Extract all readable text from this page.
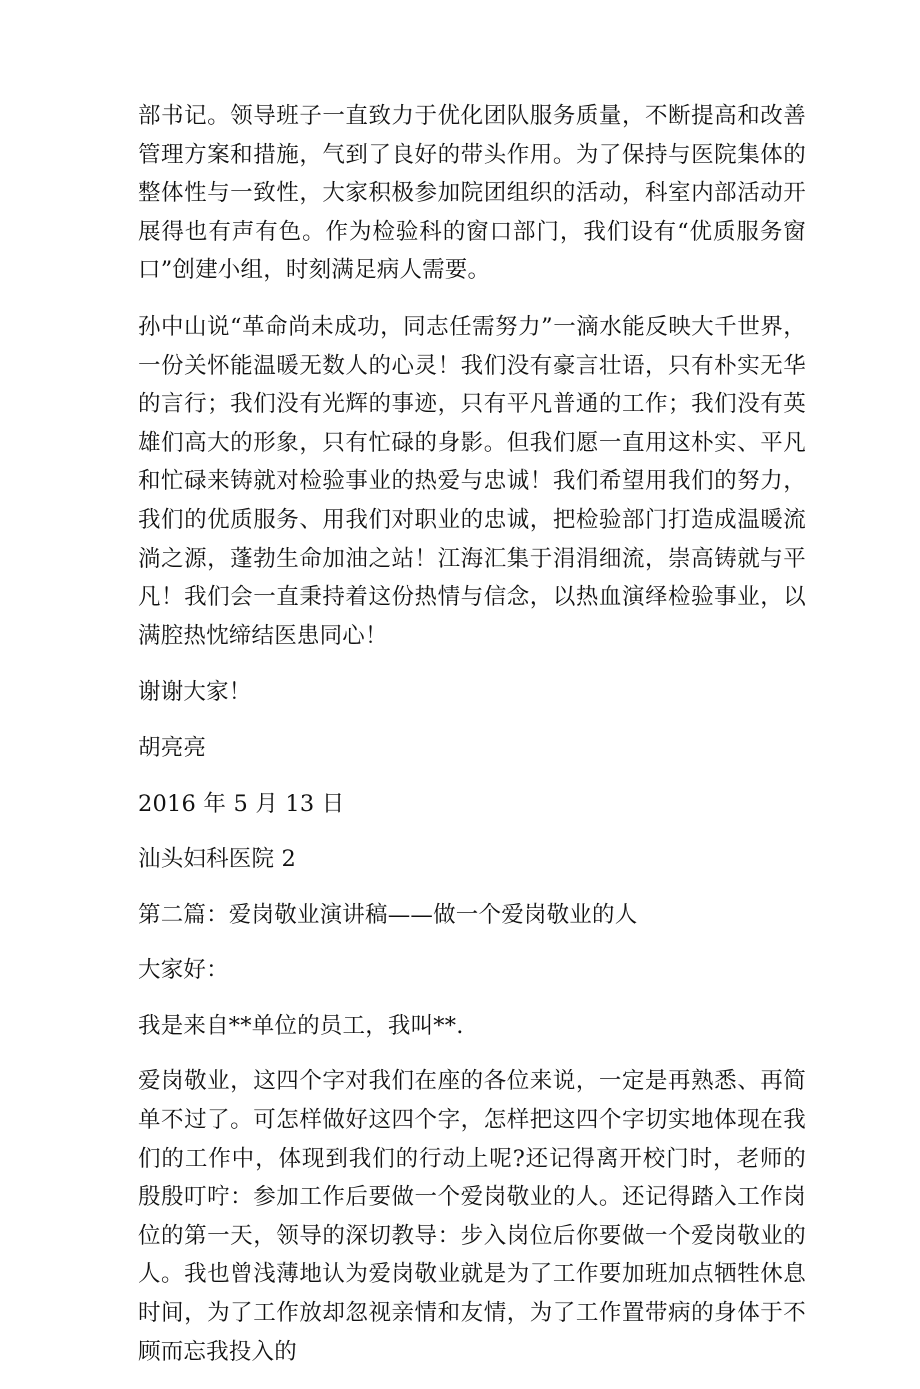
部书记。领导班子一直致力于优化团队服务质量，不断提高和改善管理方案和措施，气到了良好的带头作用。为了保持与医院集体的整体性与一致性，大家积极参加院团组织的活动，科室内部活动开展得也有声有色。作为检验科的窗口部门，我们设有“优质服务窗口”创建小组，时刻满足病人需要。

孙中山说“革命尚未成功，同志任需努力”一滴水能反映大千世界，一份关怀能温暖无数人的心灵！我们没有豪言壮语，只有朴实无华的言行；我们没有光辉的事迹，只有平凡普通的工作；我们没有英雄们高大的形象，只有忙碌的身影。但我们愿一直用这朴实、平凡和忙碌来铸就对检验事业的热爱与忠诚！我们希望用我们的努力，我们的优质服务、用我们对职业的忠诚，把检验部门打造成温暖流淌之源，蓬勃生命加油之站！江海汇集于涓涓细流，崇高铸就与平凡！我们会一直秉持着这份热情与信念，以热血演绎检验事业，以满腔热忱缔结医患同心！

谢谢大家！

胡亮亮

2016 年 5 月 13 日

汕头妇科医院 2

第二篇：爱岗敬业演讲稿——做一个爱岗敬业的人

大家好：

我是来自**单位的员工，我叫**.

爱岗敬业，这四个字对我们在座的各位来说，一定是再熟悉、再简单不过了。可怎样做好这四个字，怎样把这四个字切实地体现在我们的工作中，体现到我们的行动上呢?还记得离开校门时，老师的殷殷叮咛：参加工作后要做一个爱岗敬业的人。还记得踏入工作岗位的第一天，领导的深切教导：步入岗位后你要做一个爱岗敬业的人。我也曾浅薄地认为爱岗敬业就是为了工作要加班加点牺牲休息时间，为了工作放却忽视亲情和友情，为了工作置带病的身体于不顾而忘我投入的
